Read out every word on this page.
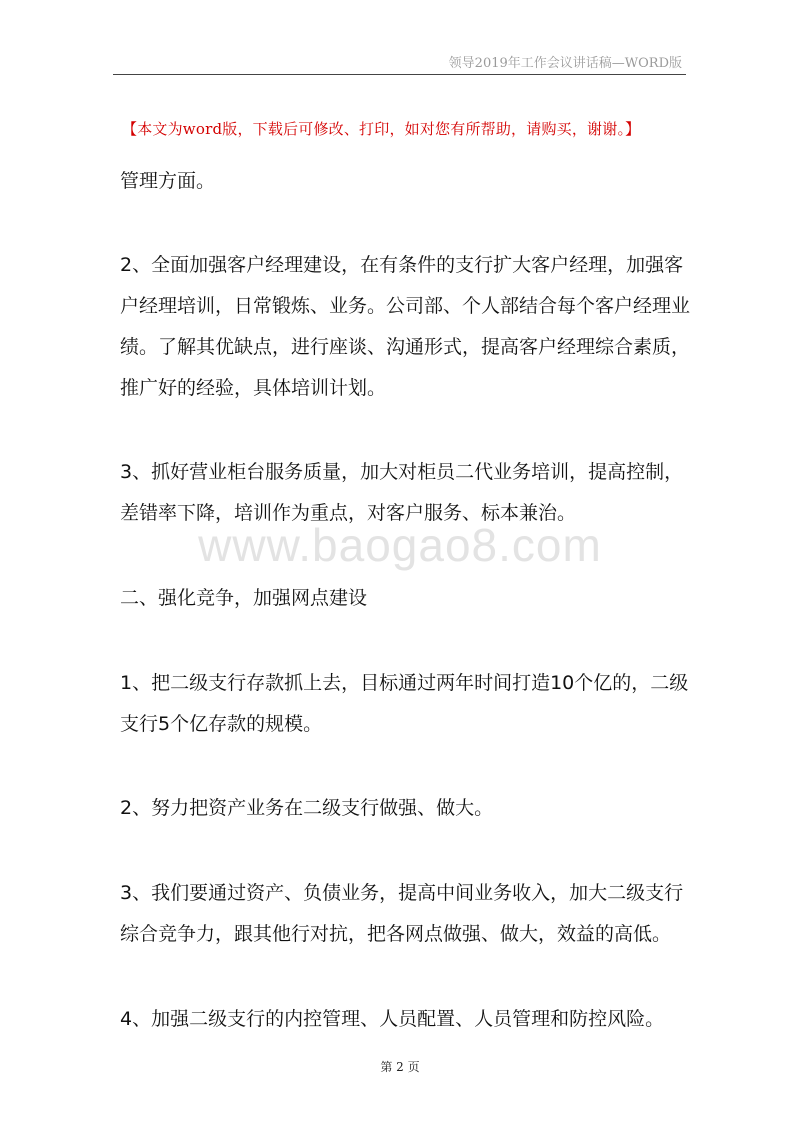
领导2019年工作会议讲话稿—WORD版
【本文为word版，下载后可修改、打印，如对您有所帮助，请购买，谢谢。】

管理方面。

2、全面加强客户经理建设，在有条件的支行扩大客户经理，加强客户经理培训，日常锻炼、业务。公司部、个人部结合每个客户经理业绩。了解其优缺点，进行座谈、沟通形式，提高客户经理综合素质，推广好的经验，具体培训计划。

3、抓好营业柜台服务质量，加大对柜员二代业务培训，提高控制，差错率下降，培训作为重点，对客户服务、标本兼治。

二、强化竞争，加强网点建设

1、把二级支行存款抓上去，目标通过两年时间打造10个亿的，二级支行5个亿存款的规模。

2、努力把资产业务在二级支行做强、做大。

3、我们要通过资产、负债业务，提高中间业务收入，加大二级支行综合竞争力，跟其他行对抗，把各网点做强、做大，效益的高低。

4、加强二级支行的内控管理、人员配置、人员管理和防控风险。

www.baogao8.com
第 2 页
